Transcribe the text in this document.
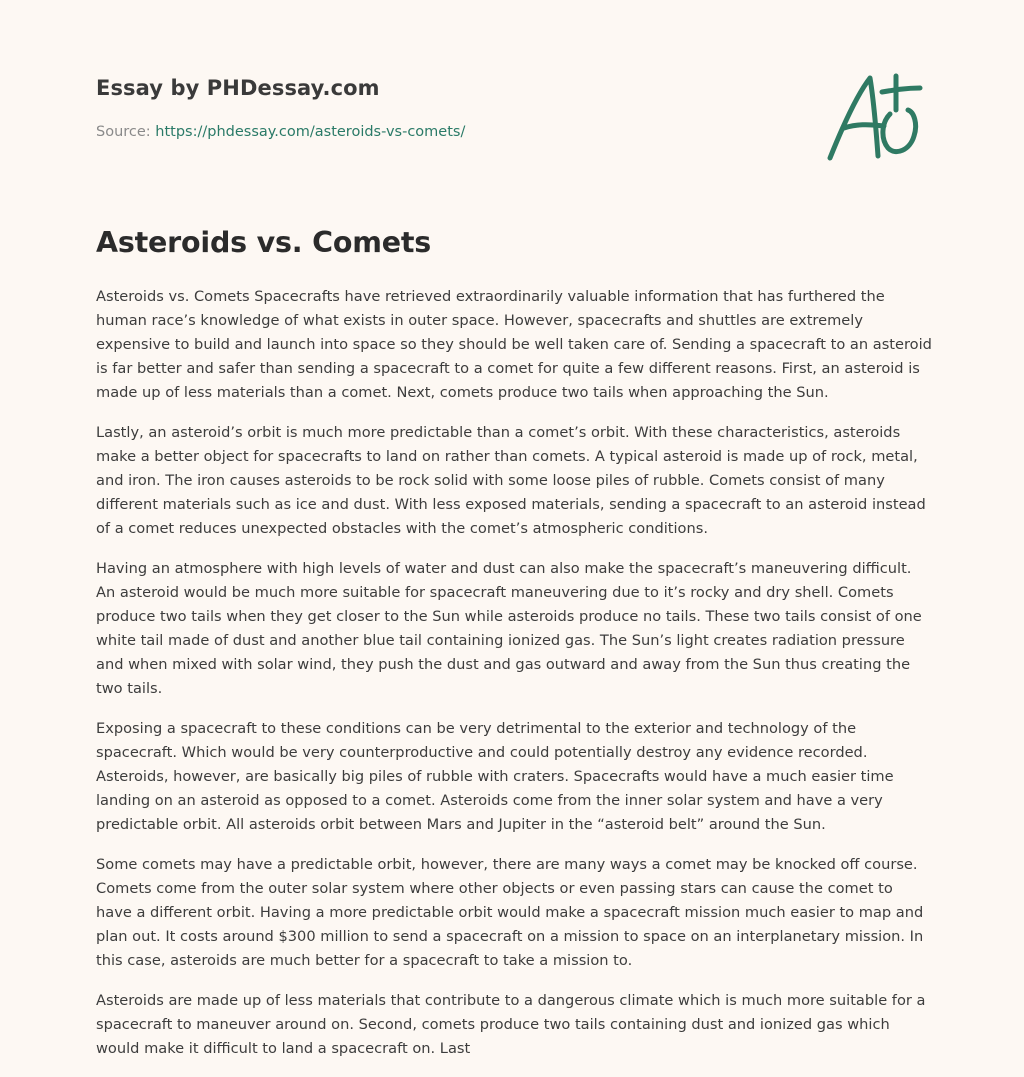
Essay by PHDessay.com
Source: https://phdessay.com/asteroids-vs-comets/
Asteroids vs. Comets

Asteroids vs. Comets Spacecrafts have retrieved extraordinarily valuable information that has furthered the human race’s knowledge of what exists in outer space. However, spacecrafts and shuttles are extremely expensive to build and launch into space so they should be well taken care of. Sending a spacecraft to an asteroid is far better and safer than sending a spacecraft to a comet for quite a few different reasons. First, an asteroid is made up of less materials than a comet. Next, comets produce two tails when approaching the Sun.

Lastly, an asteroid’s orbit is much more predictable than a comet’s orbit. With these characteristics, asteroids make a better object for spacecrafts to land on rather than comets. A typical asteroid is made up of rock, metal, and iron. The iron causes asteroids to be rock solid with some loose piles of rubble. Comets consist of many different materials such as ice and dust. With less exposed materials, sending a spacecraft to an asteroid instead of a comet reduces unexpected obstacles with the comet’s atmospheric conditions.

Having an atmosphere with high levels of water and dust can also make the spacecraft’s maneuvering difficult. An asteroid would be much more suitable for spacecraft maneuvering due to it’s rocky and dry shell. Comets produce two tails when they get closer to the Sun while asteroids produce no tails. These two tails consist of one white tail made of dust and another blue tail containing ionized gas. The Sun’s light creates radiation pressure and when mixed with solar wind, they push the dust and gas outward and away from the Sun thus creating the two tails.

Exposing a spacecraft to these conditions can be very detrimental to the exterior and technology of the spacecraft. Which would be very counterproductive and could potentially destroy any evidence recorded. Asteroids, however, are basically big piles of rubble with craters. Spacecrafts would have a much easier time landing on an asteroid as opposed to a comet. Asteroids come from the inner solar system and have a very predictable orbit. All asteroids orbit between Mars and Jupiter in the “asteroid belt” around the Sun.

Some comets may have a predictable orbit, however, there are many ways a comet may be knocked off course. Comets come from the outer solar system where other objects or even passing stars can cause the comet to have a different orbit. Having a more predictable orbit would make a spacecraft mission much easier to map and plan out. It costs around $300 million to send a spacecraft on a mission to space on an interplanetary mission. In this case, asteroids are much better for a spacecraft to take a mission to.

Asteroids are made up of less materials that contribute to a dangerous climate which is much more suitable for a spacecraft to maneuver around on. Second, comets produce two tails containing dust and ionized gas which would make it difficult to land a spacecraft on. Last
